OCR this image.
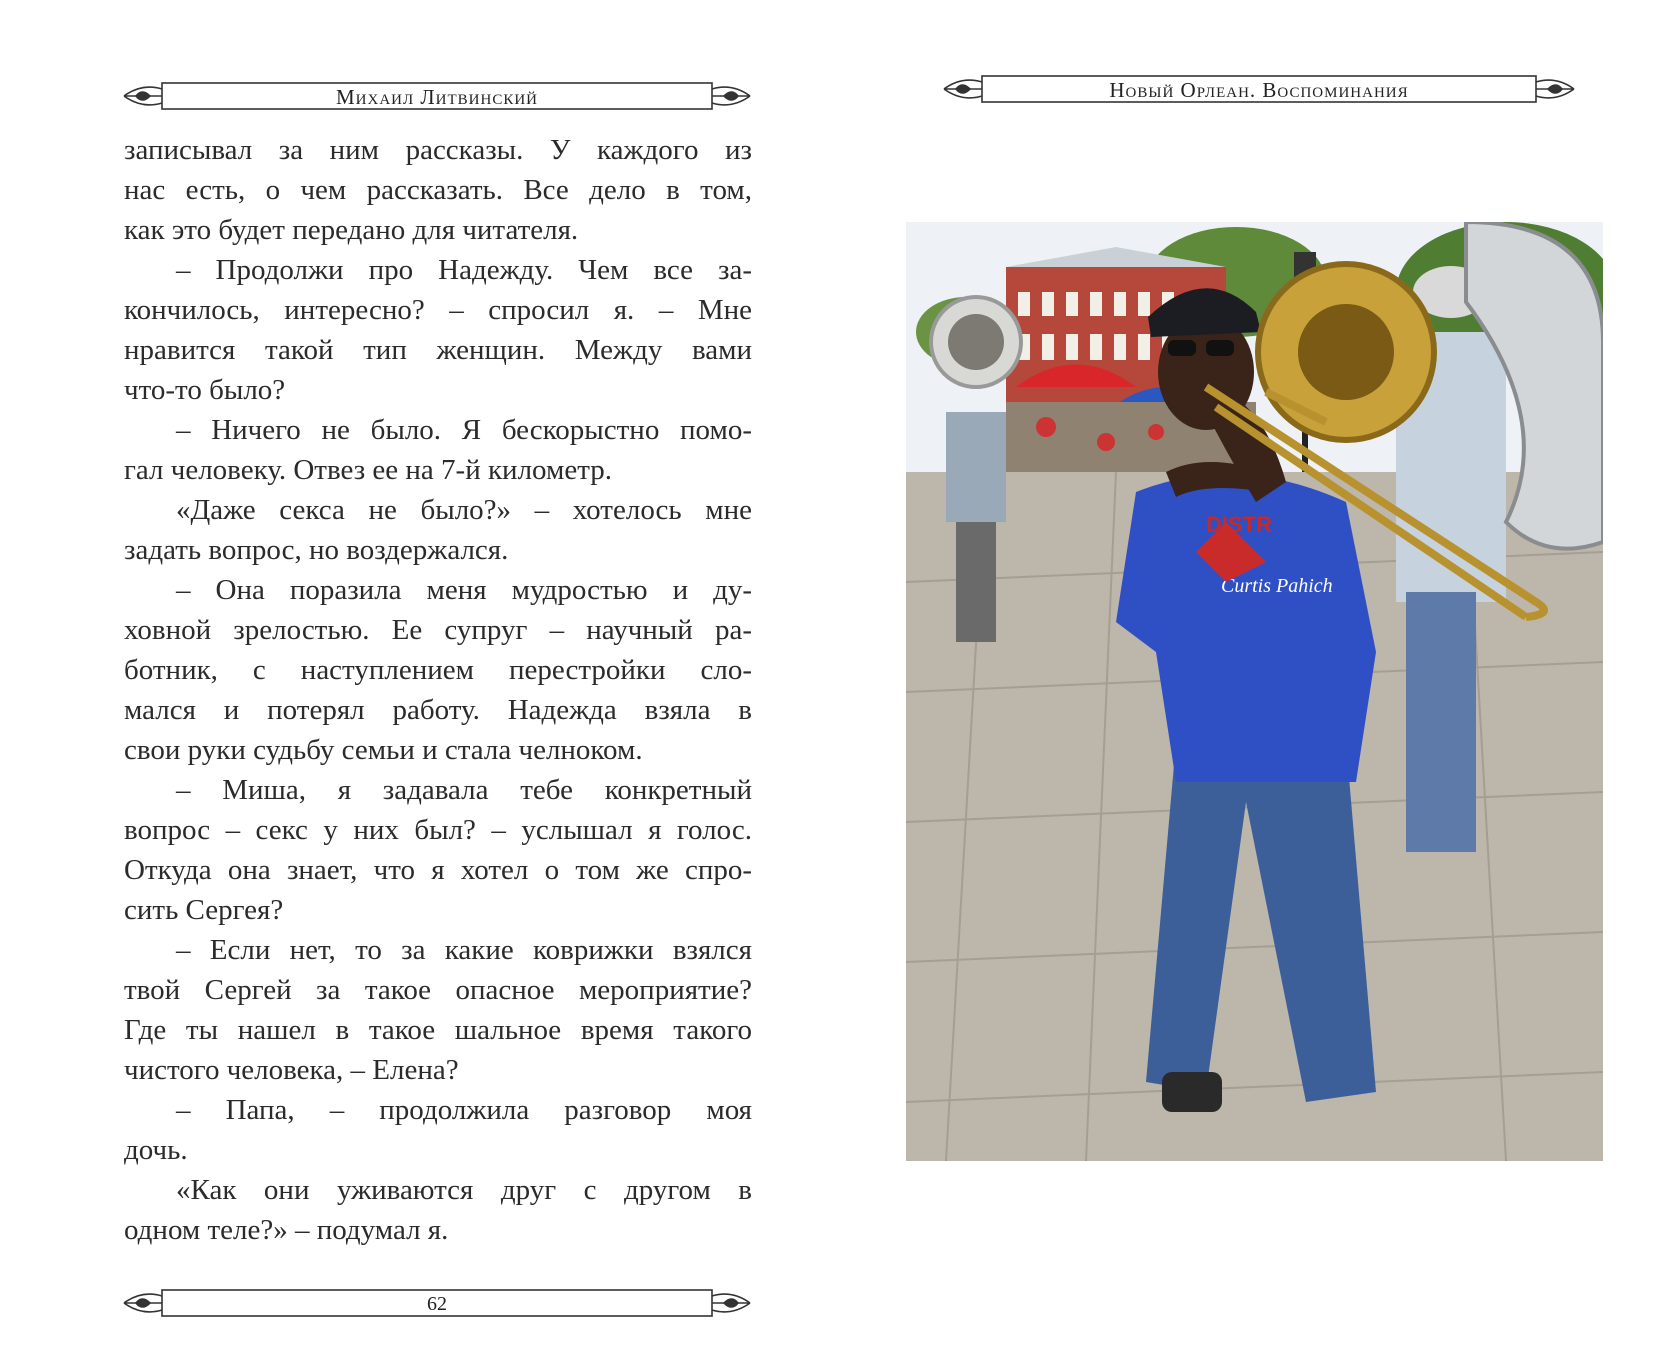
Михаил Литвинский
записывал за ним рассказы. У каждого из
нас есть, о чем рассказать. Все дело в том,
как это будет передано для читателя.
– Продолжи про Надежду. Чем все за-
кончилось, интересно? – спросил я. – Мне
нравится такой тип женщин. Между вами
что-то было?
– Ничего не было. Я бескорыстно помо-
гал человеку. Отвез ее на 7-й километр.
«Даже секса не было?» – хотелось мне
задать вопрос, но воздержался.
– Она поразила меня мудростью и ду-
ховной зрелостью. Ее супруг – научный ра-
ботник, с наступлением перестройки сло-
мался и потерял работу. Надежда взяла в
свои руки судьбу семьи и стала челноком.
– Миша, я задавала тебе конкретный
вопрос – секс у них был? – услышал я голос.
Откуда она знает, что я хотел о том же спро-
сить Сергея?
– Если нет, то за какие коврижки взялся
твой Сергей за такое опасное мероприятие?
Где ты нашел в такое шальное время такого
чистого человека, – Елена?
– Папа, – продолжила разговор моя
дочь.
«Как они уживаются друг с другом в
одном теле?» – подумал я.
62
Новый Орлеан. Воспоминания
DISTR
Curtis Pahich
